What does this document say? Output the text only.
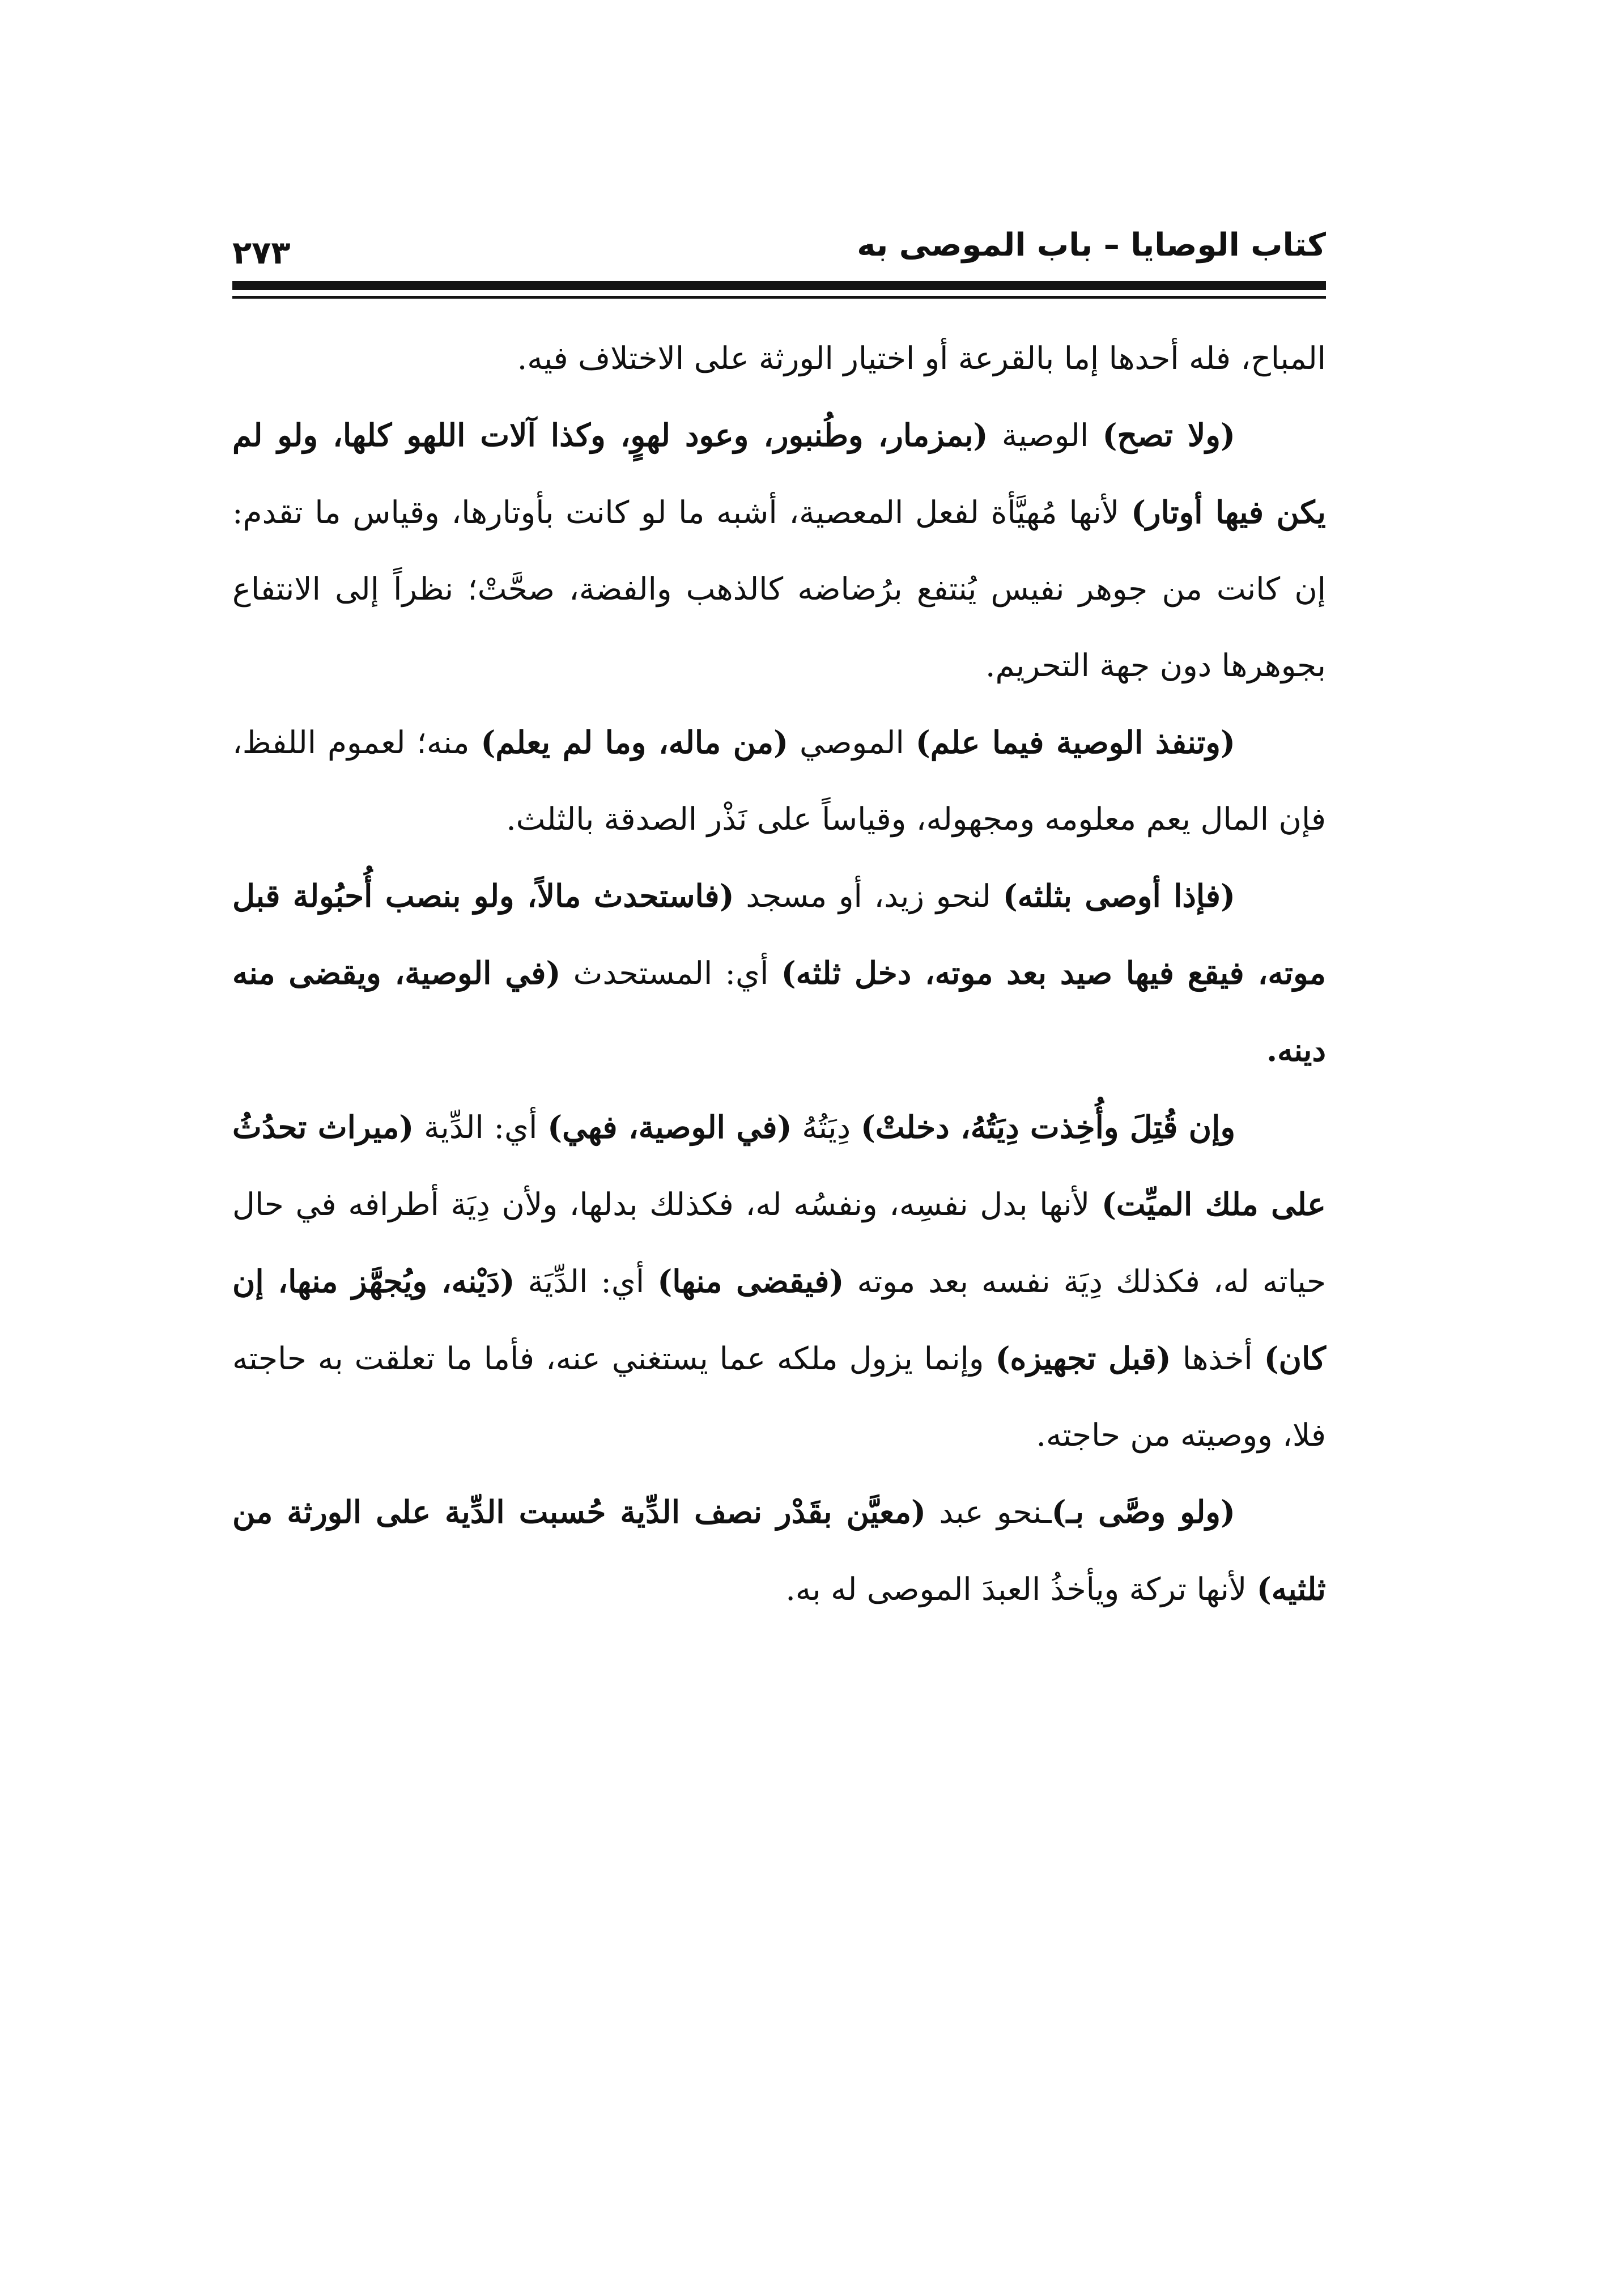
كتاب الوصايا – باب الموصى به
٢٧٣

المباح، فله أحدها إما بالقرعة أو اختيار الورثة على الاختلاف فيه.

(ولا تصح) الوصية (بمزمار، وطُنبور، وعود لهوٍ، وكذا آلات اللهو كلها، ولو لم يكن فيها أوتار) لأنها مُهيَّأة لفعل المعصية، أشبه ما لو كانت بأوتارها، وقياس ما تقدم: إن كانت من جوهر نفيس يُنتفع برُضاضه كالذهب والفضة، صحَّتْ؛ نظراً إلى الانتفاع بجوهرها دون جهة التحريم.

(وتنفذ الوصية فيما علم) الموصي (من ماله، وما لم يعلم) منه؛ لعموم اللفظ، فإن المال يعم معلومه ومجهوله، وقياساً على نَذْر الصدقة بالثلث.

(فإذا أوصى بثلثه) لنحو زيد، أو مسجد (فاستحدث مالاً، ولو بنصب أُحبُولة قبل موته، فيقع فيها صيد بعد موته، دخل ثلثه) أي: المستحدث (في الوصية، ويقضى منه دينه.

وإن قُتِلَ وأُخِذت دِيَتُهُ، دخلتْ) دِيَتُهُ (في الوصية، فهي) أي: الدِّية (ميراث تحدُثُ على ملك الميِّت) لأنها بدل نفسِه، ونفسُه له، فكذلك بدلها، ولأن دِيَة أطرافه في حال حياته له، فكذلك دِيَة نفسه بعد موته (فيقضى منها) أي: الدِّيَة (دَيْنه، ويُجهَّز منها، إن كان) أخذها (قبل تجهيزه) وإنما يزول ملكه عما يستغني عنه، فأما ما تعلقت به حاجته فلا، ووصيته من حاجته.

(ولو وصَّى بـ)ـنحو عبد (معيَّن بقَدْر نصف الدِّية حُسبت الدِّية على الورثة من ثلثيه) لأنها تركة ويأخذُ العبدَ الموصى له به.
